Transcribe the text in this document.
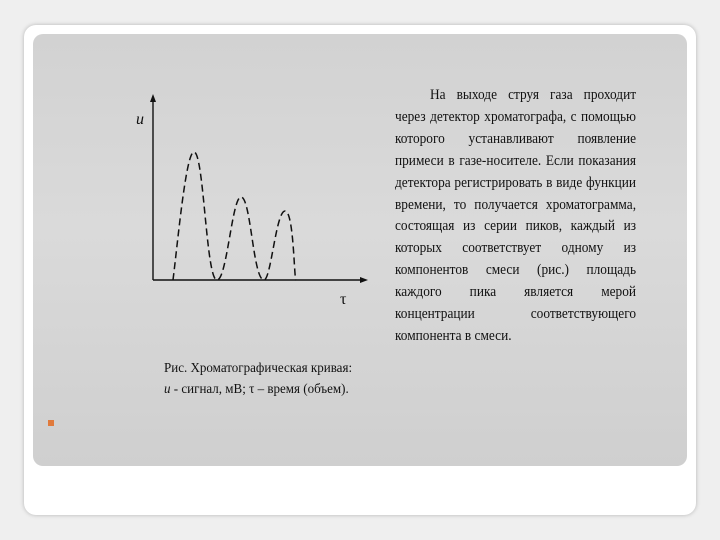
u
τ

На выходе струя газа проходит через детектор хроматографа, с помощью которого устанавливают появление примеси в газе-носителе. Если показания детектора регистрировать в виде функции времени, то получается хроматограмма, состоящая из серии пиков, каждый из которых соответствует одному из компонентов смеси (рис.) площадь каждого пика является мерой концентрации соответствующего компонента в смеси.

Рис. Хроматографическая кривая:
u - сигнал, мВ; τ – время (объем).
